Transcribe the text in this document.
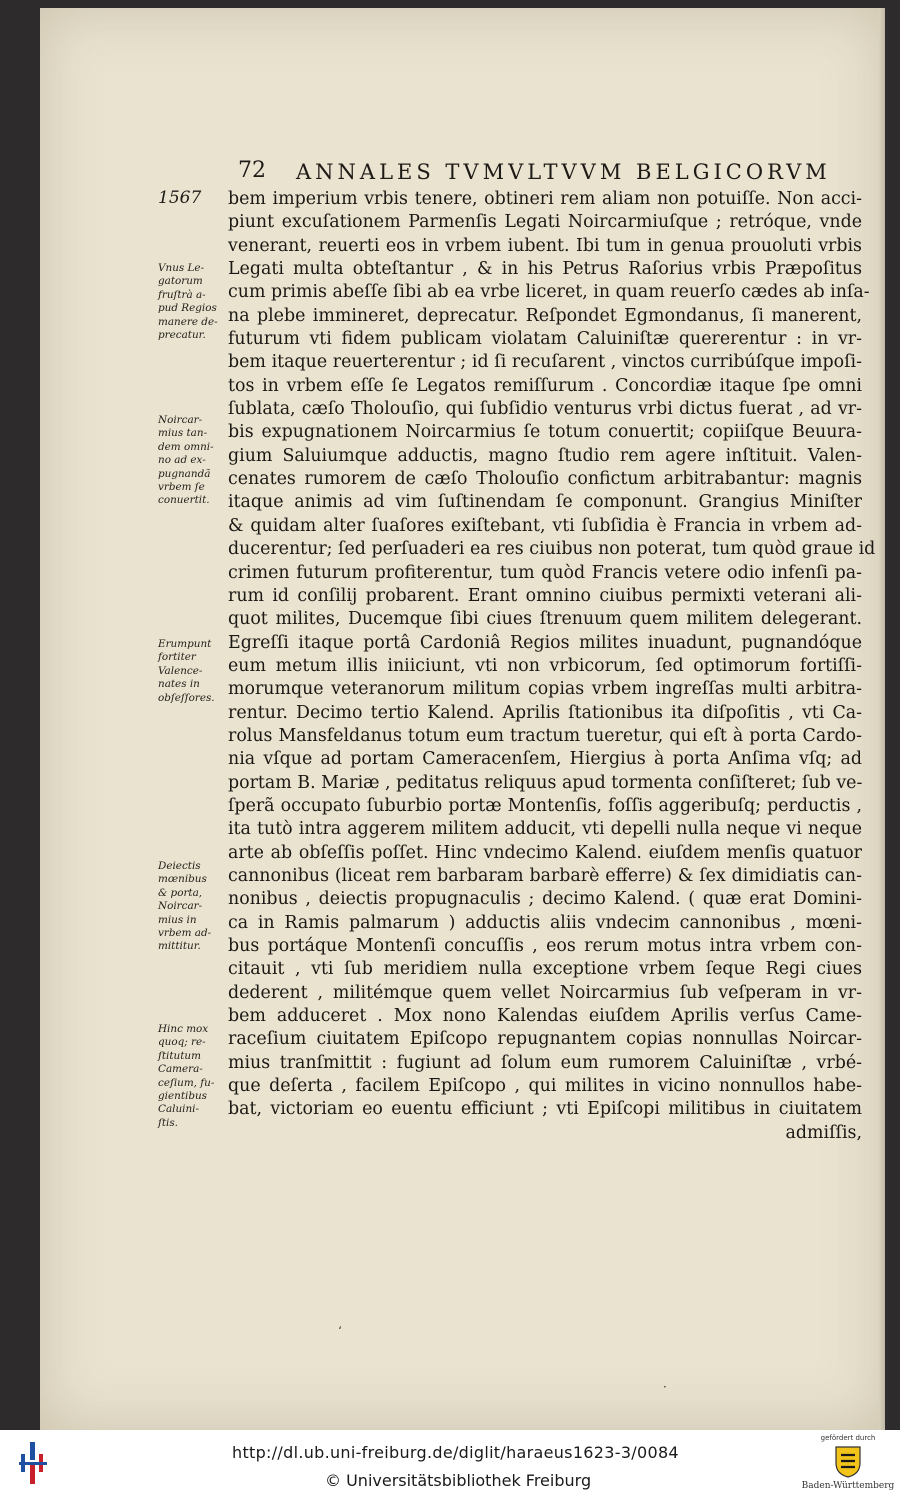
72 ANNALES TVMVLTVVM BELGICORVM
1567 bem imperium vrbis tenere, obtineri rem aliam non potuiſſe. Non acci-
piunt excuſationem Parmenſis Legati Noircarmiuſque ; retróque, vnde
venerant, reuerti eos in vrbem iubent. Ibi tum in genua prouoluti vrbis
Legati multa obteſtantur , & in his Petrus Raſorius vrbis Præpoſitus
cum primis abeſſe ſibi ab ea vrbe liceret, in quam reuerſo cædes ab inſa-
na plebe immineret, deprecatur. Reſpondet Egmondanus, ſi manerent,
futurum vti fidem publicam violatam Caluiniſtæ quererentur : in vr-
bem itaque reuerterentur ; id ſi recuſarent , vinctos curribúſque impoſi-
tos in vrbem eſſe ſe Legatos remiſſurum . Concordiæ itaque ſpe omni
ſublata, cæſo Tholouſio, qui ſubſidio venturus vrbi dictus fuerat , ad vr-
bis expugnationem Noircarmius ſe totum conuertit; copiiſque Beuura-
gium Saluiumque adductis, magno ſtudio rem agere inſtituit. Valen-
cenates rumorem de cæſo Tholouſio confictum arbitrabantur: magnis
itaque animis ad vim ſuſtinendam ſe componunt. Grangius Miniſter
& quidam alter ſuaſores exiſtebant, vti ſubſidia è Francia in vrbem ad-
ducerentur; ſed perſuaderi ea res ciuibus non poterat, tum quòd graue id
crimen futurum profiterentur, tum quòd Francis vetere odio infenſi pa-
rum id conſilij probarent. Erant omnino ciuibus permixti veterani ali-
quot milites, Ducemque ſibi ciues ſtrenuum quem militem delegerant.
Egreſſi itaque portâ Cardoniâ Regios milites inuadunt, pugnandóque
eum metum illis iniiciunt, vti non vrbicorum, ſed optimorum fortiſſi-
morumque veteranorum militum copias vrbem ingreſſas multi arbitra-
rentur. Decimo tertio Kalend. Aprilis ſtationibus ita diſpoſitis , vti Ca-
rolus Mansfeldanus totum eum tractum tueretur, qui eſt à porta Cardo-
nia vſque ad portam Cameracenſem, Hiergius à porta Anſima vſq; ad
portam B. Mariæ , peditatus reliquus apud tormenta conſiſteret; ſub ve-
ſperã occupato ſuburbio portæ Montenſis, foſſis aggeribuſq; perductis ,
ita tutò intra aggerem militem adducit, vti depelli nulla neque vi neque
arte ab obſeſſis poſſet. Hinc vndecimo Kalend. eiuſdem menſis quatuor
cannonibus (liceat rem barbaram barbarè efferre) & ſex dimidiatis can-
nonibus , deiectis propugnaculis ; decimo Kalend. ( quæ erat Domini-
ca in Ramis palmarum ) adductis aliis vndecim cannonibus , mœni-
bus portáque Montenſi concuſſis , eos rerum motus intra vrbem con-
citauit , vti ſub meridiem nulla exceptione vrbem ſeque Regi ciues
dederent , militémque quem vellet Noircarmius ſub veſperam in vr-
bem adduceret . Mox nono Kalendas eiuſdem Aprilis verſus Came-
raceſium ciuitatem Epiſcopo repugnantem copias nonnullas Noircar-
mius tranſmittit : fugiunt ad ſolum eum rumorem Caluiniſtæ , vrbé-
que deſerta , facilem Epiſcopo , qui milites in vicino nonnullos habe-
bat, victoriam eo euentu efficiunt ; vti Epiſcopi militibus in ciuitatem
admiſſis,
Vnus Le-
gatorum
fruſtrà a-
pud Regios
manere de-
precatur.
Noircar-
mius tan-
dem omni-
no ad ex-
pugnandã
vrbem ſe
conuertit.
Erumpunt
fortiter
Valence-
nates in
obſeſſores.
Deiectis
mœnibus
& porta,
Noircar-
mius in
vrbem ad-
mittitur.
Hinc mox
quoq; re-
ſtitutum
Camera-
ceſium, fu-
gientibus
Caluini-
ſtis.
‘
·
http://dl.ub.uni-freiburg.de/diglit/haraeus1623-3/0084
© Universitätsbibliothek Freiburg
gefördert durch
Baden-Württemberg
